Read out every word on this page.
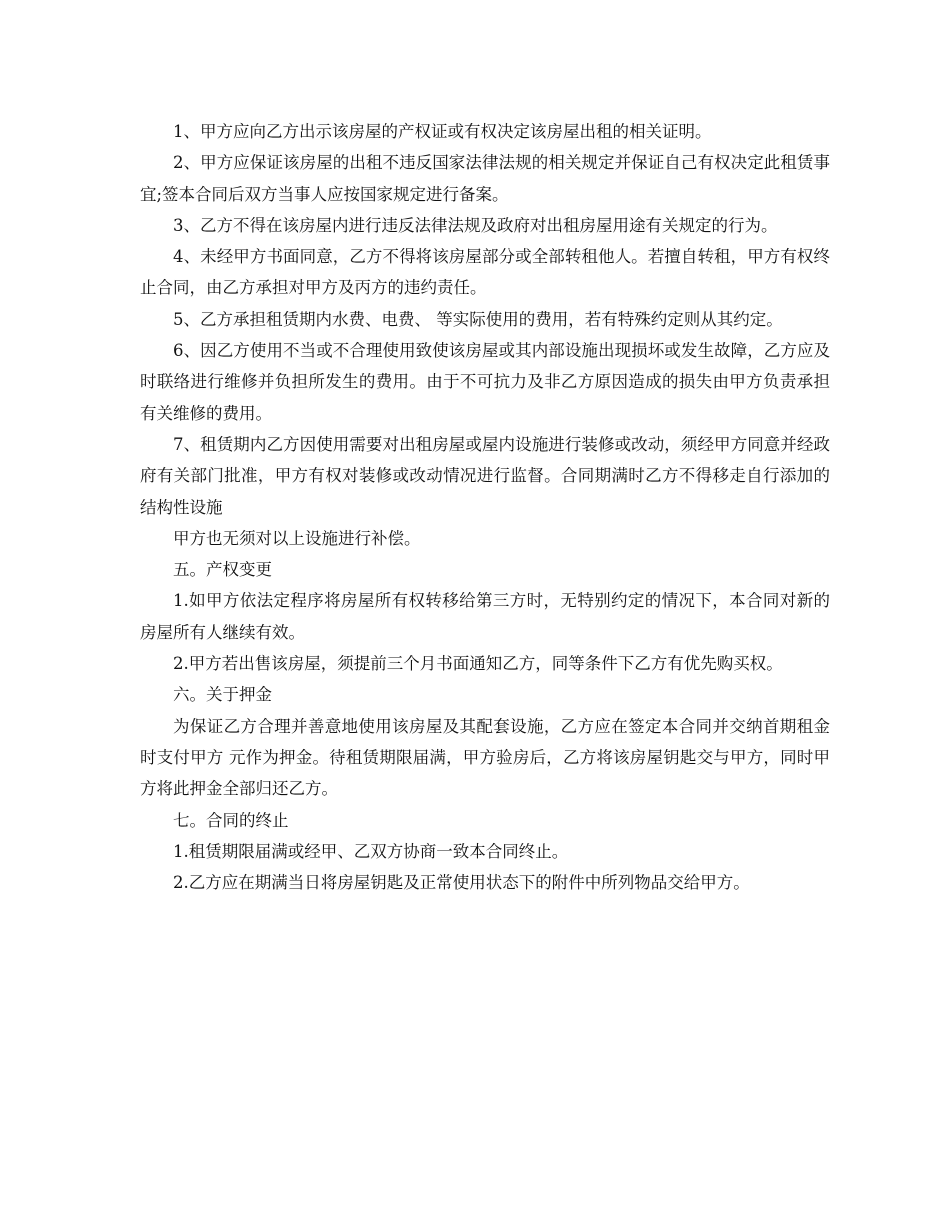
1、甲方应向乙方出示该房屋的产权证或有权决定该房屋出租的相关证明。

2、甲方应保证该房屋的出租不违反国家法律法规的相关规定并保证自己有权决定此租赁事宜;签本合同后双方当事人应按国家规定进行备案。

3、乙方不得在该房屋内进行违反法律法规及政府对出租房屋用途有关规定的行为。

4、未经甲方书面同意，乙方不得将该房屋部分或全部转租他人。若擅自转租，甲方有权终止合同，由乙方承担对甲方及丙方的违约责任。

5、乙方承担租赁期内水费、电费、 等实际使用的费用，若有特殊约定则从其约定。

6、因乙方使用不当或不合理使用致使该房屋或其内部设施出现损坏或发生故障，乙方应及时联络进行维修并负担所发生的费用。由于不可抗力及非乙方原因造成的损失由甲方负责承担有关维修的费用。

7、租赁期内乙方因使用需要对出租房屋或屋内设施进行装修或改动，须经甲方同意并经政府有关部门批准，甲方有权对装修或改动情况进行监督。合同期满时乙方不得移走自行添加的结构性设施

甲方也无须对以上设施进行补偿。

五。产权变更

1.如甲方依法定程序将房屋所有权转移给第三方时，无特别约定的情况下，本合同对新的房屋所有人继续有效。

2.甲方若出售该房屋，须提前三个月书面通知乙方，同等条件下乙方有优先购买权。

六。关于押金

为保证乙方合理并善意地使用该房屋及其配套设施，乙方应在签定本合同并交纳首期租金时支付甲方 元作为押金。待租赁期限届满，甲方验房后，乙方将该房屋钥匙交与甲方，同时甲方将此押金全部归还乙方。

七。合同的终止

1.租赁期限届满或经甲、乙双方协商一致本合同终止。

2.乙方应在期满当日将房屋钥匙及正常使用状态下的附件中所列物品交给甲方。
